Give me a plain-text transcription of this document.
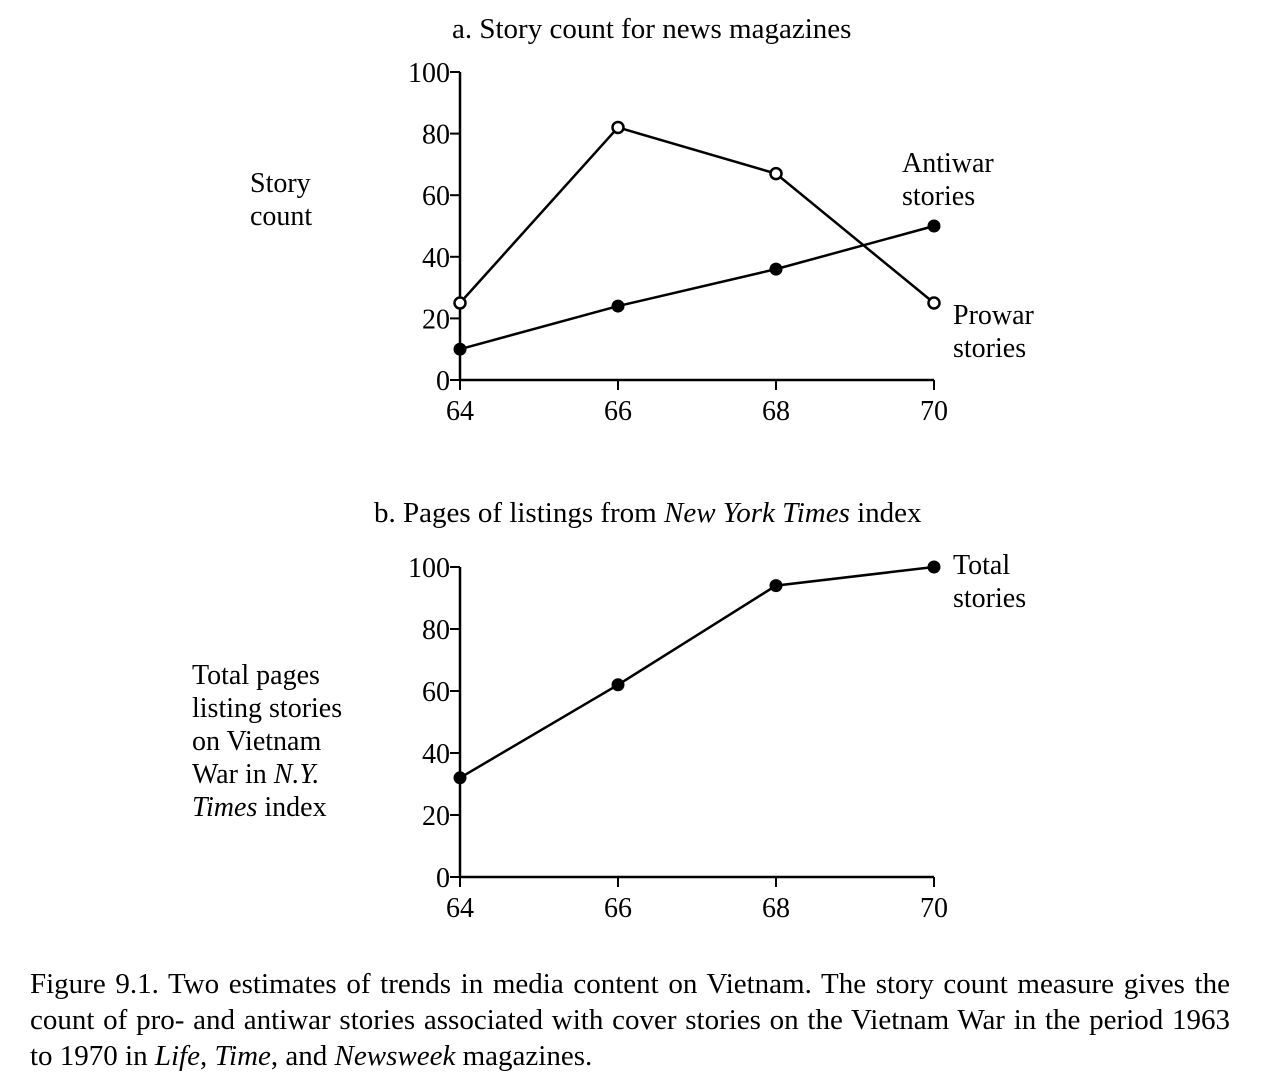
a. Story count for news magazines
Story
count
0
20
40
60
80
100
64	66	68	70
Prowar
stories
Antiwar
stories
b. Pages of listings from New York Times index
Total pages
listing stories
on Vietnam
War in N.Y.
Times index
0
20
40
60
80
100
64	66	68	70
Total
stories
Figure 9.1. Two estimates of trends in media content on Vietnam. The story count measure gives the count of pro- and antiwar stories associated with cover stories on the Vietnam War in the period 1963 to 1970 in Life, Time, and Newsweek magazines.
